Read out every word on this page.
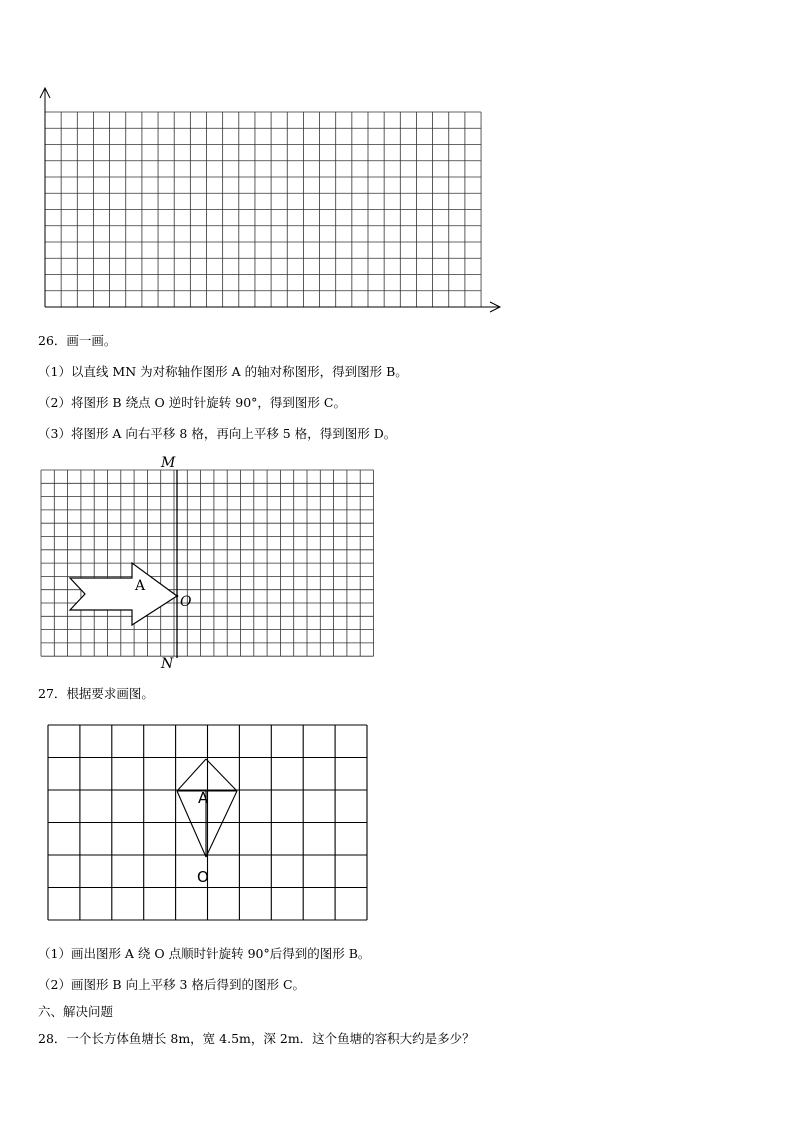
26．画一画。
（1）以直线 MN 为对称轴作图形 A 的轴对称图形，得到图形 B。
（2）将图形 B 绕点 O 逆时针旋转 90°，得到图形 C。
（3）将图形 A 向右平移 8 格，再向上平移 5 格，得到图形 D。
M
N
O
A
27．根据要求画图。
A
O
（1）画出图形 A 绕 O 点顺时针旋转 90°后得到的图形 B。
（2）画图形 B 向上平移 3 格后得到的图形 C。
六、解决问题
28．一个长方体鱼塘长 8m，宽 4.5m，深 2m．这个鱼塘的容积大约是多少？
